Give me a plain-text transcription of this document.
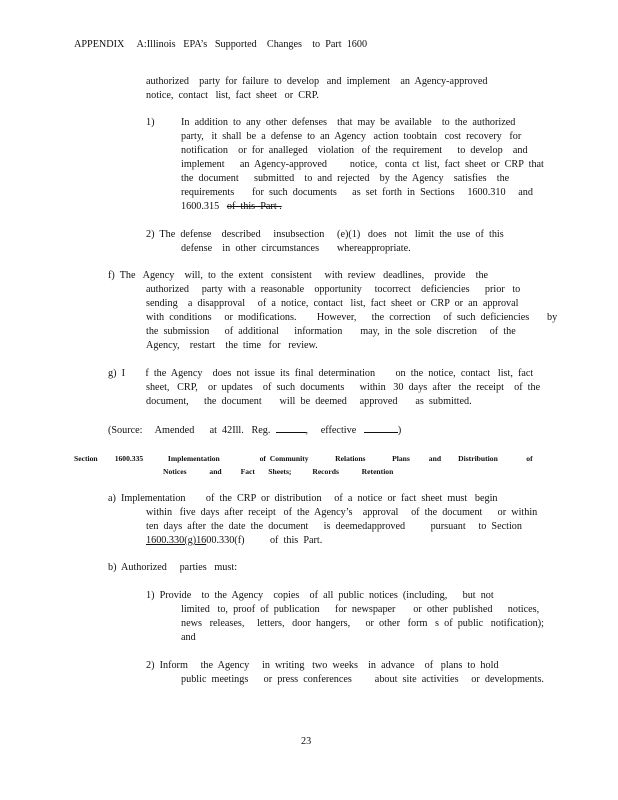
APPENDIX     A:Illinois   EPA’s   Supported    Changes    to  Part  1600
authorized    party  for  failure  to  develop   and  implement    an  Agency-approved
notice,  contact   list,  fact  sheet   or  CRP.
1)	In  addition  to  any  other  defenses    that  may  be  available    to  the  authorized
party,   it  shall  be  a  defense  to  an  Agency   action  toobtain   cost  recovery   for
notification    or  for  analleged    violation   of  the  requirement      to  develop    and
implement      an  Agency-approved         notice,   conta  ct  list,  fact  sheet  or  CRP  that
the  document      submitted    to  and  rejected    by  the  Agency    satisfies    the
requirements       for  such  documents      as  set  forth  in  Sections     1600.310     and
1600.315   of  this  Part .
2)  The  defense    described     insubsection     (e)(1)   does   not   limit  the  use  of  this
defense    in  other  circumstances       whereappropriate.
f)  The   Agency    will,  to  the  extent   consistent     with  review   deadlines,    provide    the
authorized     party  with  a  reasonable    opportunity     tocorrect    deficiencies      prior   to
sending    a  disapproval     of  a  notice,  contact   list,  fact  sheet  or  CRP  or  an  approval
with  conditions     or  modifications.        However,      the  correction     of  such  deficiencies       by
the  submission      of  additional      information       may,  in  the  sole  discretion     of  the
Agency,    restart    the  time   for   review.
g)  I        f  the  Agency    does  not  issue  its  final  determination        on  the  notice,  contact   list,  fact
sheet,   CRP,    or  updates    of  such  documents      within   30  days  after   the  receipt    of  the
document,      the  document       will  be  deemed     approved       as  submitted.
(Source:     Amended      at  42Ill.   Reg.	, effective	)
Section         1600.335             Implementation                     of  Community              Relations              Plans          and         Distribution               of
Notices            and          Fact       Sheets;           Records            Retention
a)  Implementation        of  the  CRP  or  distribution     of  a  notice  or  fact  sheet  must   begin
within   five  days  after  receipt   of  the  Agency’s    approval     of  the  document      or  within
ten  days  after  the  date  the  document      is  deemedapproved          pursuant     to  Section
1600.330(g)1600.330(f)          of  this  Part.
b)  Authorized     parties   must:
1)  Provide    to  the  Agency    copies    of  all  public  notices  (including,      but  not
limited   to,  proof  of  publication      for  newspaper       or  other  published      notices,
news   releases,     letters,   door  hangers,      or  other   form   s  of  public   notification);
and
2)  Inform     the  Agency     in  writing   two  weeks    in  advance    of   plans  to  hold
public  meetings      or  press  conferences         about  site  activities     or  developments.
23
